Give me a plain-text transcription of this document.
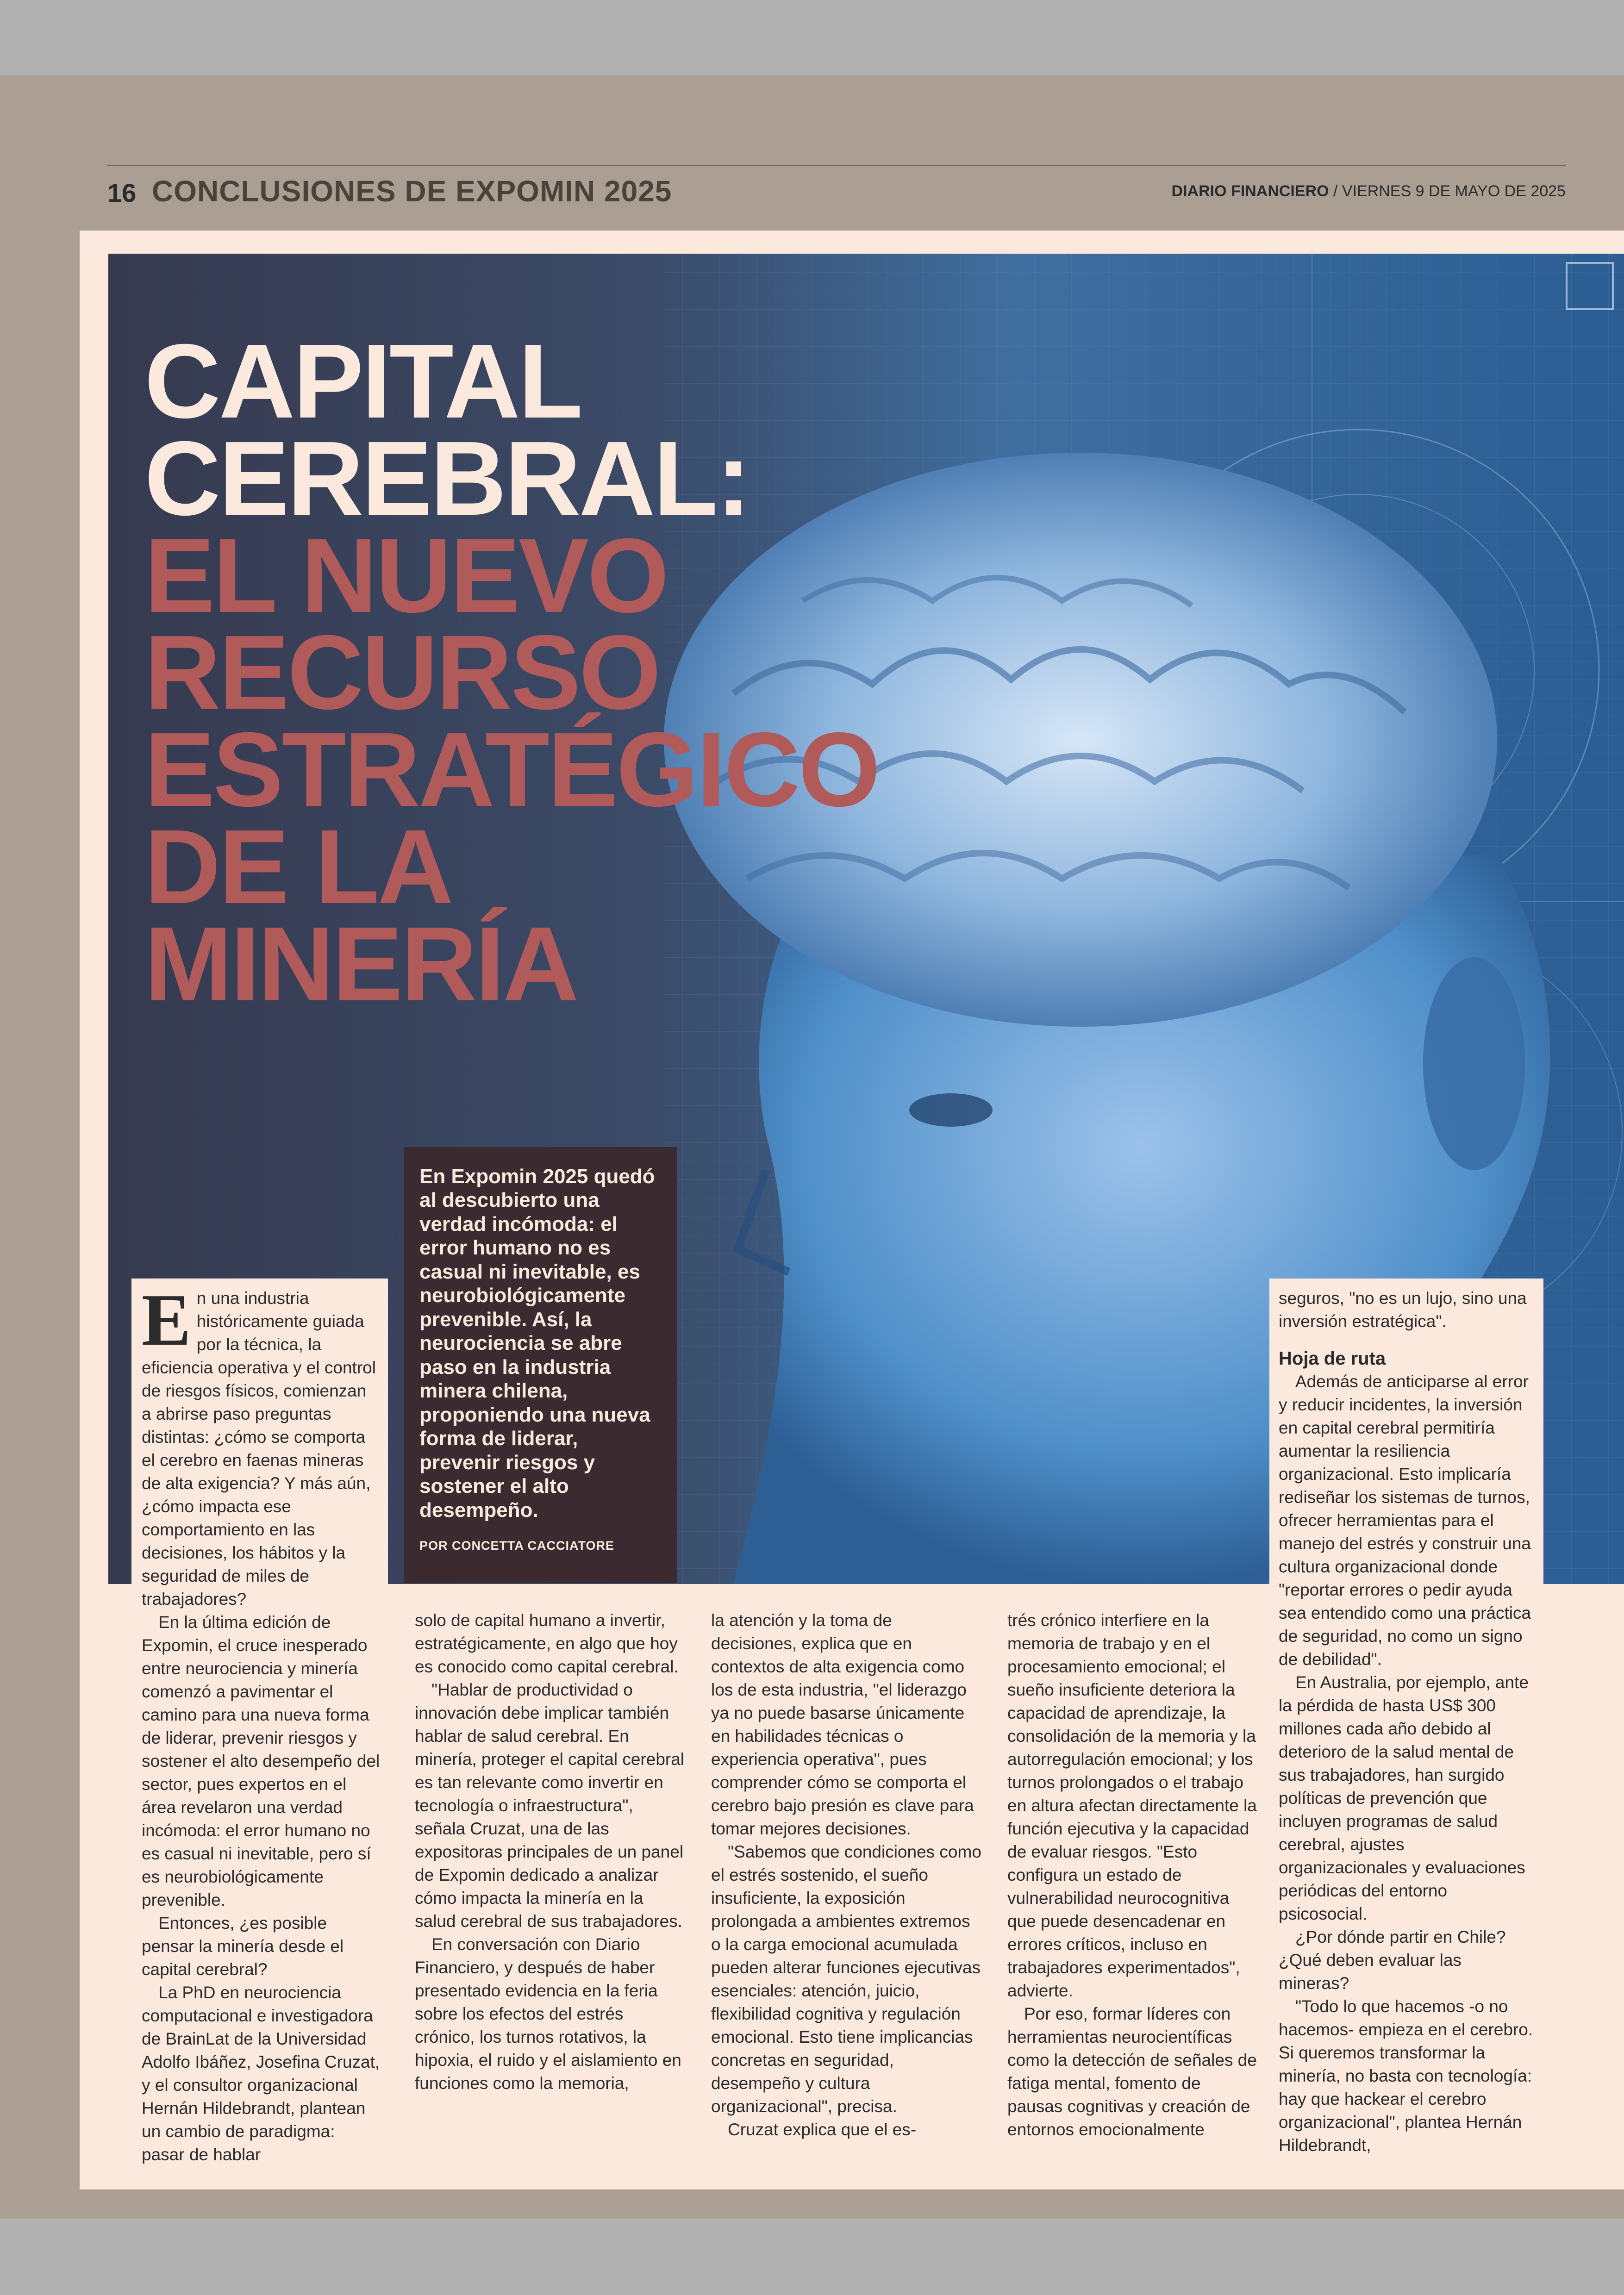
16 CONCLUSIONES DE EXPOMIN 2025	DIARIO FINANCIERO / VIERNES 9 DE MAYO DE 2025
CAPITAL
CEREBRAL:
EL NUEVO
RECURSO
ESTRATÉGICO
DE LA
MINERÍA

En Expomin 2025 quedó al descubierto una verdad incómoda: el error humano no es casual ni inevitable, es neurobiológicamente prevenible. Así, la neurociencia se abre paso en la industria minera chilena, proponiendo una nueva forma de liderar, prevenir riesgos y sostener el alto desempeño.

POR CONCETTA CACCIATORE
E n una industria históricamente guiada por la técnica, la eficiencia operativa y el control de riesgos físicos, comienzan a abrirse paso preguntas distintas: ¿cómo se comporta el cerebro en faenas mineras de alta exigencia? Y más aún, ¿cómo impacta ese comportamiento en las decisiones, los hábitos y la seguridad de miles de trabajadores?

En la última edición de Expomin, el cruce inesperado entre neurociencia y minería comenzó a pavimentar el camino para una nueva forma de liderar, prevenir riesgos y sostener el alto desempeño del sector, pues expertos en el área revelaron una verdad incómoda: el error humano no es casual ni inevitable, pero sí es neurobiológicamente prevenible.

Entonces, ¿es posible pensar la minería desde el capital cerebral?

La PhD en neurociencia computacional e investigadora de BrainLat de la Universidad Adolfo Ibáñez, Josefina Cruzat, y el consultor organizacional Hernán Hildebrandt, plantean un cambio de paradigma: pasar de hablar

solo de capital humano a invertir, estratégicamente, en algo que hoy es conocido como capital cerebral.

"Hablar de productividad o innovación debe implicar también hablar de salud cerebral. En minería, proteger el capital cerebral es tan relevante como invertir en tecnología o infraestructura", señala Cruzat, una de las expositoras principales de un panel de Expomin dedicado a analizar cómo impacta la minería en la salud cerebral de sus trabajadores.

En conversación con Diario Financiero, y después de haber presentado evidencia en la feria sobre los efectos del estrés crónico, los turnos rotativos, la hipoxia, el ruido y el aislamiento en funciones como la memoria,

la atención y la toma de decisiones, explica que en contextos de alta exigencia como los de esta industria, "el liderazgo ya no puede basarse únicamente en habilidades técnicas o experiencia operativa", pues comprender cómo se comporta el cerebro bajo presión es clave para tomar mejores decisiones.

"Sabemos que condiciones como el estrés sostenido, el sueño insuficiente, la exposición prolongada a ambientes extremos o la carga emocional acumulada pueden alterar funciones ejecutivas esenciales: atención, juicio, flexibilidad cognitiva y regulación emocional. Esto tiene implicancias concretas en seguridad, desempeño y cultura organizacional", precisa.

Cruzat explica que el es-

trés crónico interfiere en la memoria de trabajo y en el procesamiento emocional; el sueño insuficiente deteriora la capacidad de aprendizaje, la consolidación de la memoria y la autorregulación emocional; y los turnos prolongados o el trabajo en altura afectan directamente la función ejecutiva y la capacidad de evaluar riesgos. "Esto configura un estado de vulnerabilidad neurocognitiva que puede desencadenar en errores críticos, incluso en trabajadores experimentados", advierte.

Por eso, formar líderes con herramientas neurocientíficas como la detección de señales de fatiga mental, fomento de pausas cognitivas y creación de entornos emocionalmente

seguros, "no es un lujo, sino una inversión estratégica".

Hoja de ruta

Además de anticiparse al error y reducir incidentes, la inversión en capital cerebral permitiría aumentar la resiliencia organizacional. Esto implicaría rediseñar los sistemas de turnos, ofrecer herramientas para el manejo del estrés y construir una cultura organizacional donde "reportar errores o pedir ayuda sea entendido como una práctica de seguridad, no como un signo de debilidad".

En Australia, por ejemplo, ante la pérdida de hasta US$ 300 millones cada año debido al deterioro de la salud mental de sus trabajadores, han surgido políticas de prevención que incluyen programas de salud cerebral, ajustes organizacionales y evaluaciones periódicas del entorno psicosocial.

¿Por dónde partir en Chile? ¿Qué deben evaluar las mineras?

"Todo lo que hacemos -o no hacemos- empieza en el cerebro. Si queremos transformar la minería, no basta con tecnología: hay que hackear el cerebro organizacional", plantea Hernán Hildebrandt,
